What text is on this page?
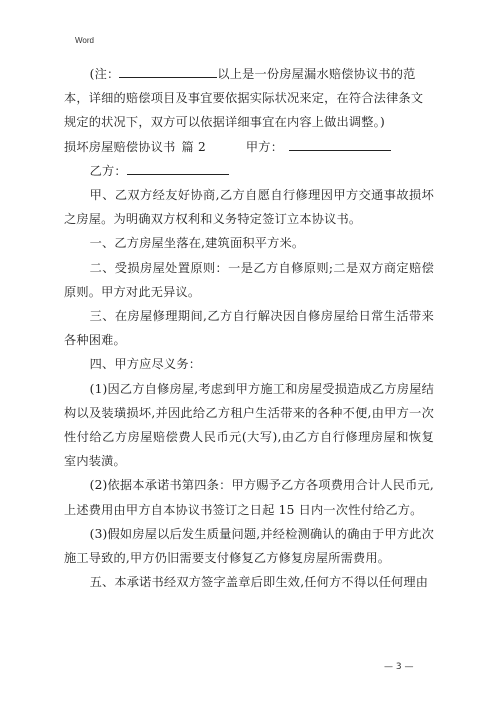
Word

(注：	以上是一份房屋漏水赔偿协议书的范
本，详细的赔偿项目及事宜要依据实际状况来定，在符合法律条文
规定的状况下，双方可以依据详细事宜在内容上做出调整。)

损坏房屋赔偿协议书 篇 2	甲方：

乙方：

甲、乙双方经友好协商,乙方自愿自行修理因甲方交通事故损坏之房屋。为明确双方权利和义务特定签订立本协议书。

一、乙方房屋坐落在,建筑面积平方米。

二、受损房屋处置原则：一是乙方自修原则;二是双方商定赔偿原则。甲方对此无异议。

三、在房屋修理期间,乙方自行解决因自修房屋给日常生活带来各种困难。

四、甲方应尽义务：

(1)因乙方自修房屋,考虑到甲方施工和房屋受损造成乙方房屋结构以及装璜损坏,并因此给乙方租户生活带来的各种不便,由甲方一次性付给乙方房屋赔偿费人民币元(大写),由乙方自行修理房屋和恢复室内装潢。

(2)依据本承诺书第四条：甲方赐予乙方各项费用合计人民币元,上述费用由甲方自本协议书签订之日起 15 日内一次性付给乙方。

(3)假如房屋以后发生质量问题,并经检测确认的确由于甲方此次施工导致的,甲方仍旧需要支付修复乙方修复房屋所需费用。

五、本承诺书经双方签字盖章后即生效,任何方不得以任何理由

— 3 —
